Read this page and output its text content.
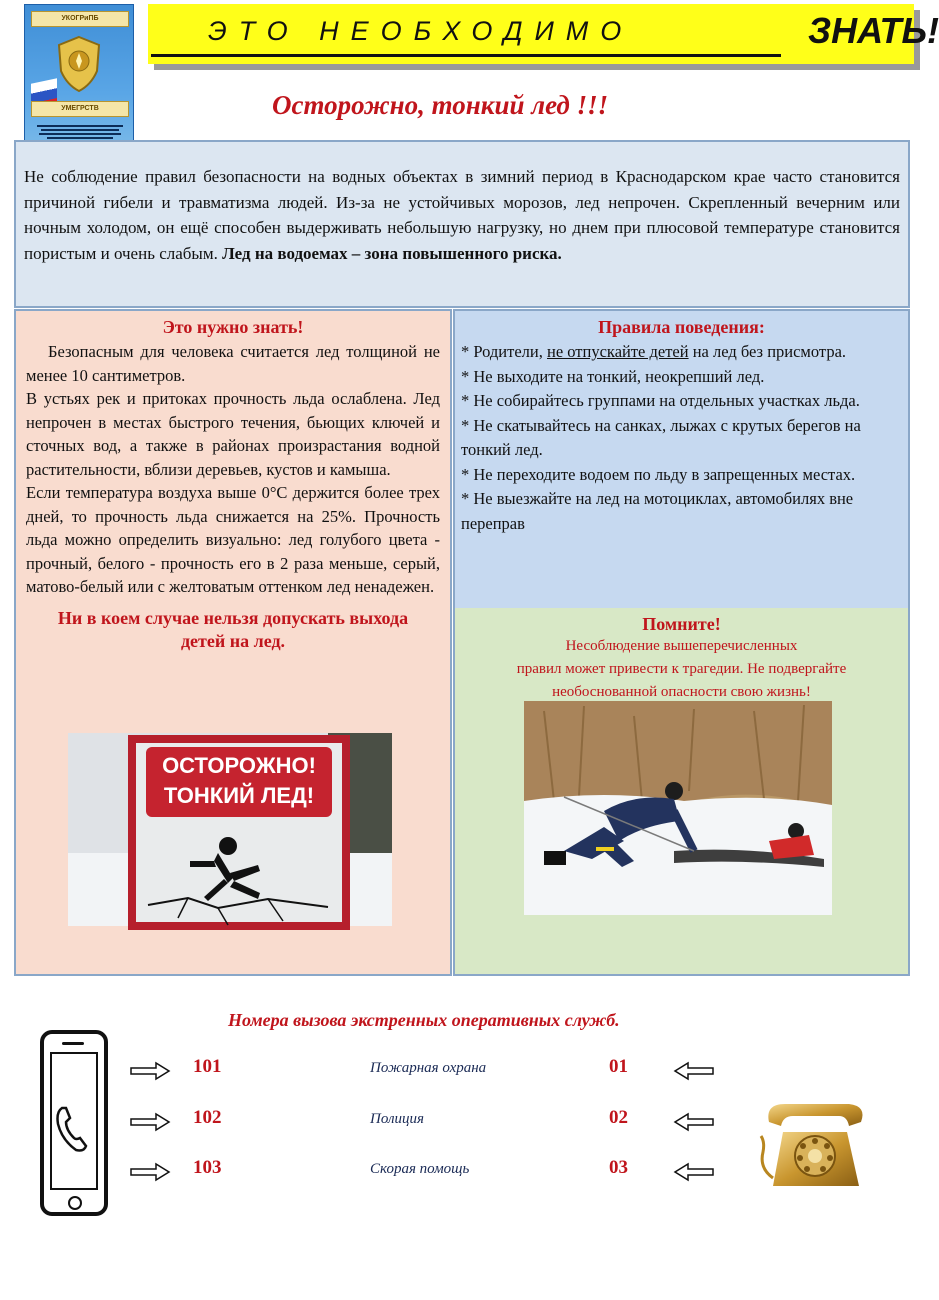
УКОГРиПБ
УМЕГРСТВ
ЭТО НЕОБХОДИМО	ЗНАТЬ!
Осторожно, тонкий лед !!!

Не соблюдение правил безопасности на водных объектах в зимний период в Краснодарском крае часто становится причиной гибели и травматизма людей. Из-за не устойчивых морозов, лед непрочен. Скрепленный вечерним или ночным холодом, он ещё способен выдерживать небольшую нагрузку, но днем при плюсовой температуре становится пористым и очень слабым. Лед на водоемах – зона повышенного риска.

Это нужно знать!

Безопасным для человека считается лед толщиной не менее 10 сантиметров.

В устьях рек и притоках прочность льда ослаблена. Лед непрочен в местах быстрого течения, бьющих ключей и сточных вод, а также в районах произрастания водной растительности, вблизи деревьев, кустов и камыша.

Если температура воздуха выше 0°С держится более трех дней, то прочность льда снижается на 25%. Прочность льда можно определить визуально: лед голубого цвета - прочный, белого - прочность его в 2 раза меньше, серый, матово-белый или с желтоватым оттенком лед ненадежен.

Ни в коем случае нельзя допускать выхода детей на лед.
Правила поведения:
* Родители, не отпускайте детей на лед без присмотра.
* Не выходите на тонкий, неокрепший лед.
* Не собирайтесь группами на отдельных участках льда.
* Не скатывайтесь на санках, лыжах с крутых берегов на тонкий лед.
* Не переходите водоем по льду в запрещенных местах.
* Не выезжайте на лед на мотоциклах, автомобилях вне переправ
Помните!
Несоблюдение вышеперечисленных
правил может привести к трагедии. Не подвергайте
необоснованной опасности свою жизнь!
ОСТОРОЖНО!
ТОНКИЙ ЛЕД!
Номера вызова экстренных оперативных служб.
101	Пожарная охрана	01
102	Полиция	02
103	Скорая помощь	03
